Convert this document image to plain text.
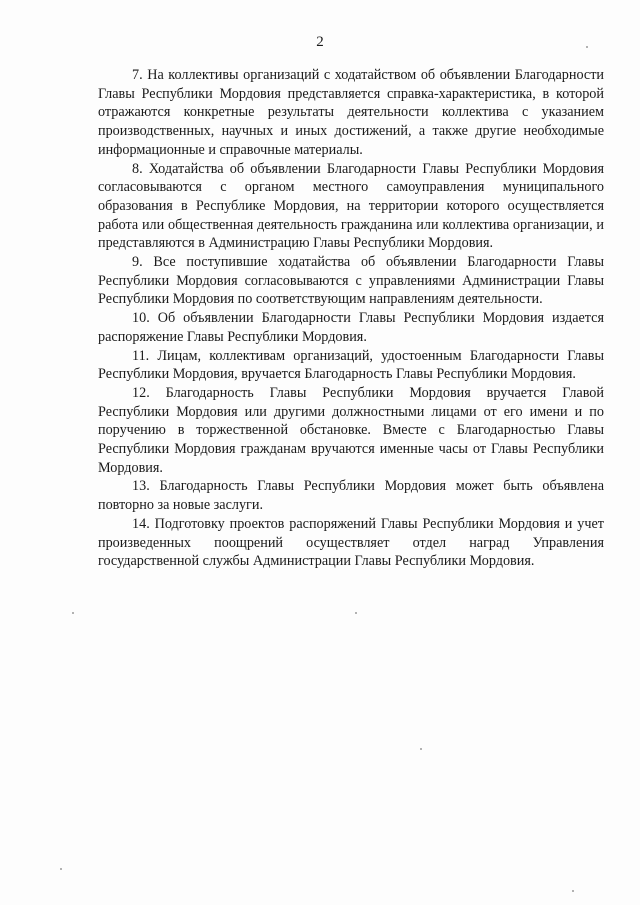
2

7. На коллективы организаций с ходатайством об объявлении Благодарности Главы Республики Мордовия представляется справка-характеристика, в которой отражаются конкретные результаты деятельности коллектива с указанием производственных, научных и иных достижений, а также другие необходимые информационные и справочные материалы.

8. Ходатайства об объявлении Благодарности Главы Республики Мордовия согласовываются с органом местного самоуправления муниципального образования в Республике Мордовия, на территории которого осуществляется работа или общественная деятельность гражданина или коллектива организации, и представляются в Администрацию Главы Республики Мордовия.

9. Все поступившие ходатайства об объявлении Благодарности Главы Республики Мордовия согласовываются с управлениями Администрации Главы Республики Мордовия по соответствующим направлениям деятельности.

10. Об объявлении Благодарности Главы Республики Мордовия издается распоряжение Главы Республики Мордовия.

11. Лицам, коллективам организаций, удостоенным Благодарности Главы Республики Мордовия, вручается Благодарность Главы Республики Мордовия.

12. Благодарность Главы Республики Мордовия вручается Главой Республики Мордовия или другими должностными лицами от его имени и по поручению в торжественной обстановке. Вместе с Благодарностью Главы Республики Мордовия гражданам вручаются именные часы от Главы Республики Мордовия.

13. Благодарность Главы Республики Мордовия может быть объявлена повторно за новые заслуги.

14. Подготовку проектов распоряжений Главы Республики Мордовия и учет произведенных поощрений осуществляет отдел наград Управления государственной службы Администрации Главы Республики Мордовия.
